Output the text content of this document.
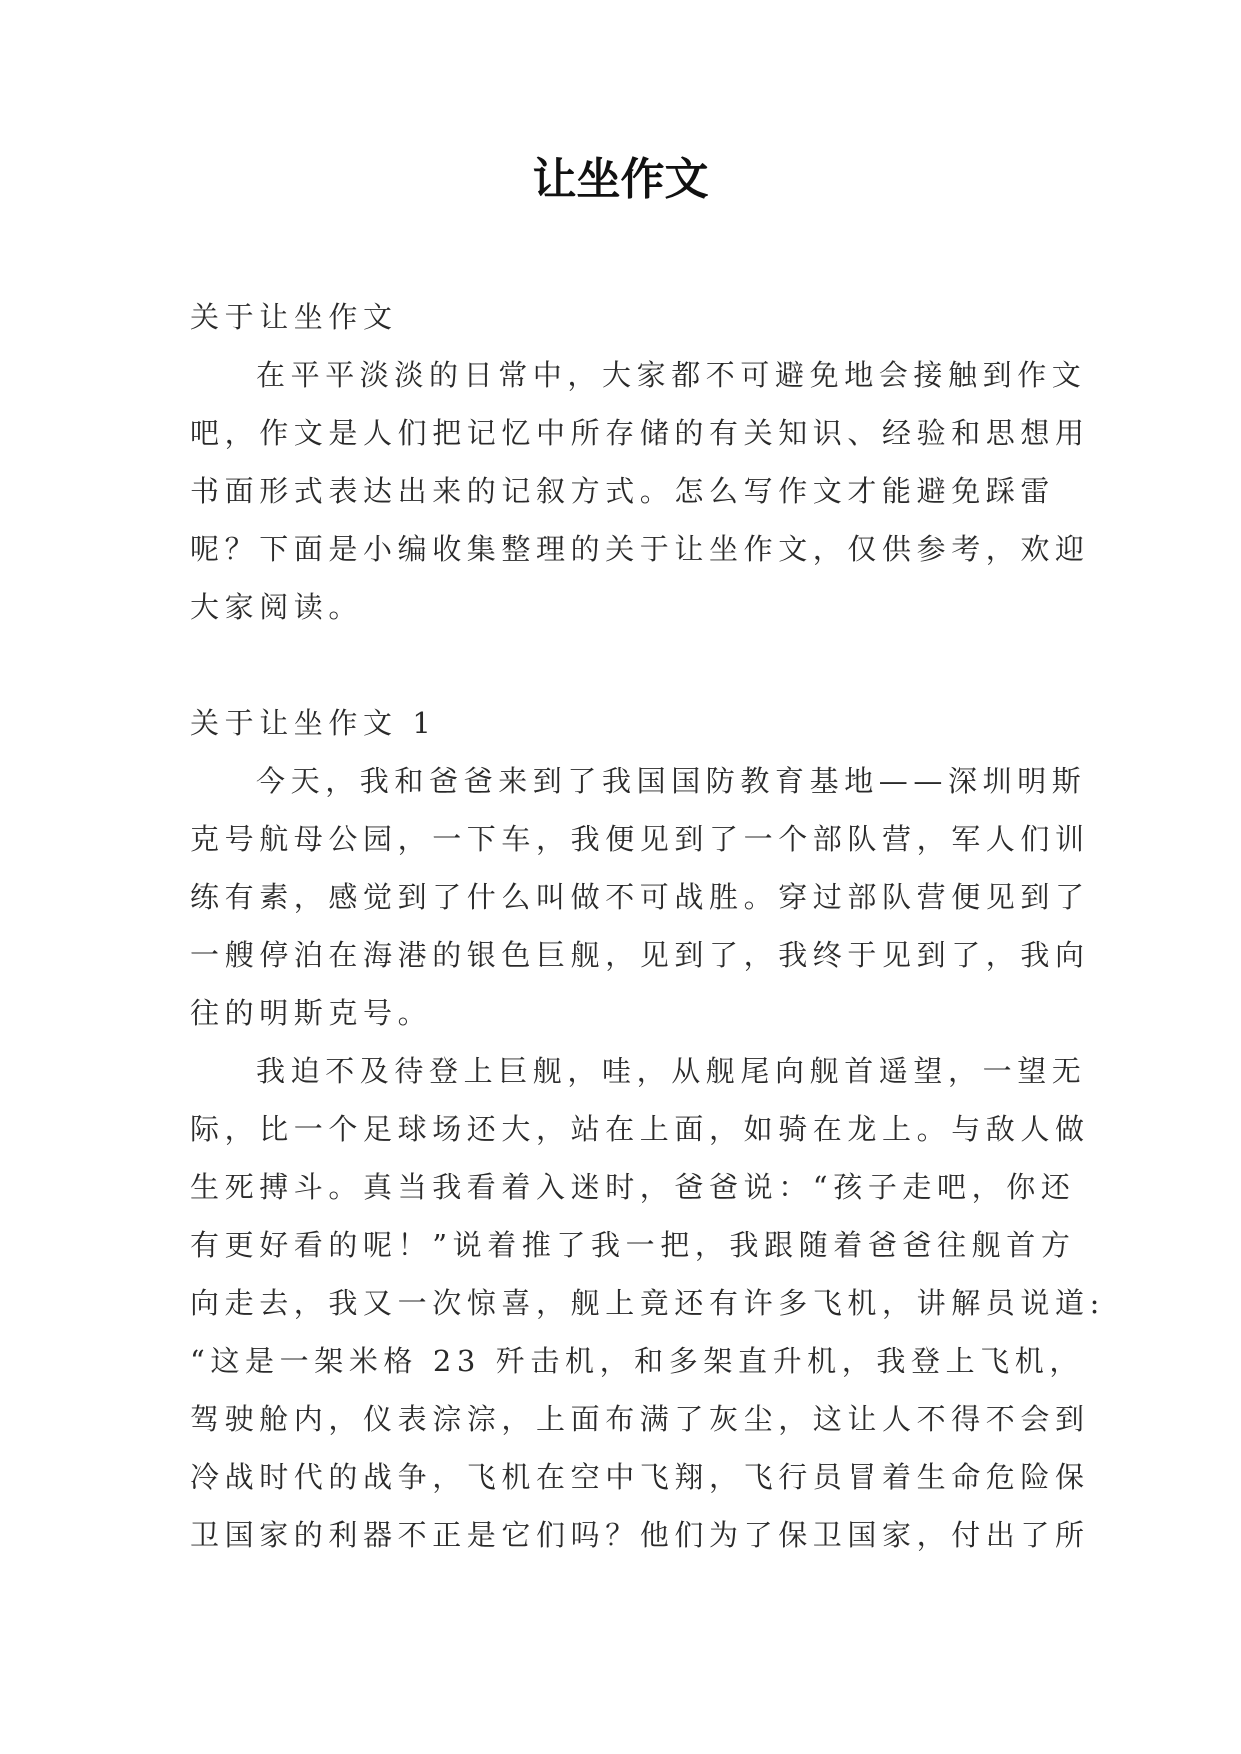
让坐作文
关于让坐作文
在平平淡淡的日常中，大家都不可避免地会接触到作文
吧，作文是人们把记忆中所存储的有关知识、经验和思想用
书面形式表达出来的记叙方式。怎么写作文才能避免踩雷
呢？下面是小编收集整理的关于让坐作文，仅供参考，欢迎
大家阅读。
关于让坐作文 1
今天，我和爸爸来到了我国国防教育基地——深圳明斯
克号航母公园，一下车，我便见到了一个部队营，军人们训
练有素，感觉到了什么叫做不可战胜。穿过部队营便见到了
一艘停泊在海港的银色巨舰，见到了，我终于见到了，我向
往的明斯克号。
我迫不及待登上巨舰，哇，从舰尾向舰首遥望，一望无
际，比一个足球场还大，站在上面，如骑在龙上。与敌人做
生死搏斗。真当我看着入迷时，爸爸说：“孩子走吧，你还
有更好看的呢！”说着推了我一把，我跟随着爸爸往舰首方
向走去，我又一次惊喜，舰上竟还有许多飞机，讲解员说道:
“这是一架米格 23 歼击机，和多架直升机，我登上飞机，
驾驶舱内，仪表淙淙，上面布满了灰尘，这让人不得不会到
冷战时代的战争，飞机在空中飞翔，飞行员冒着生命危险保
卫国家的利器不正是它们吗？他们为了保卫国家，付出了所
